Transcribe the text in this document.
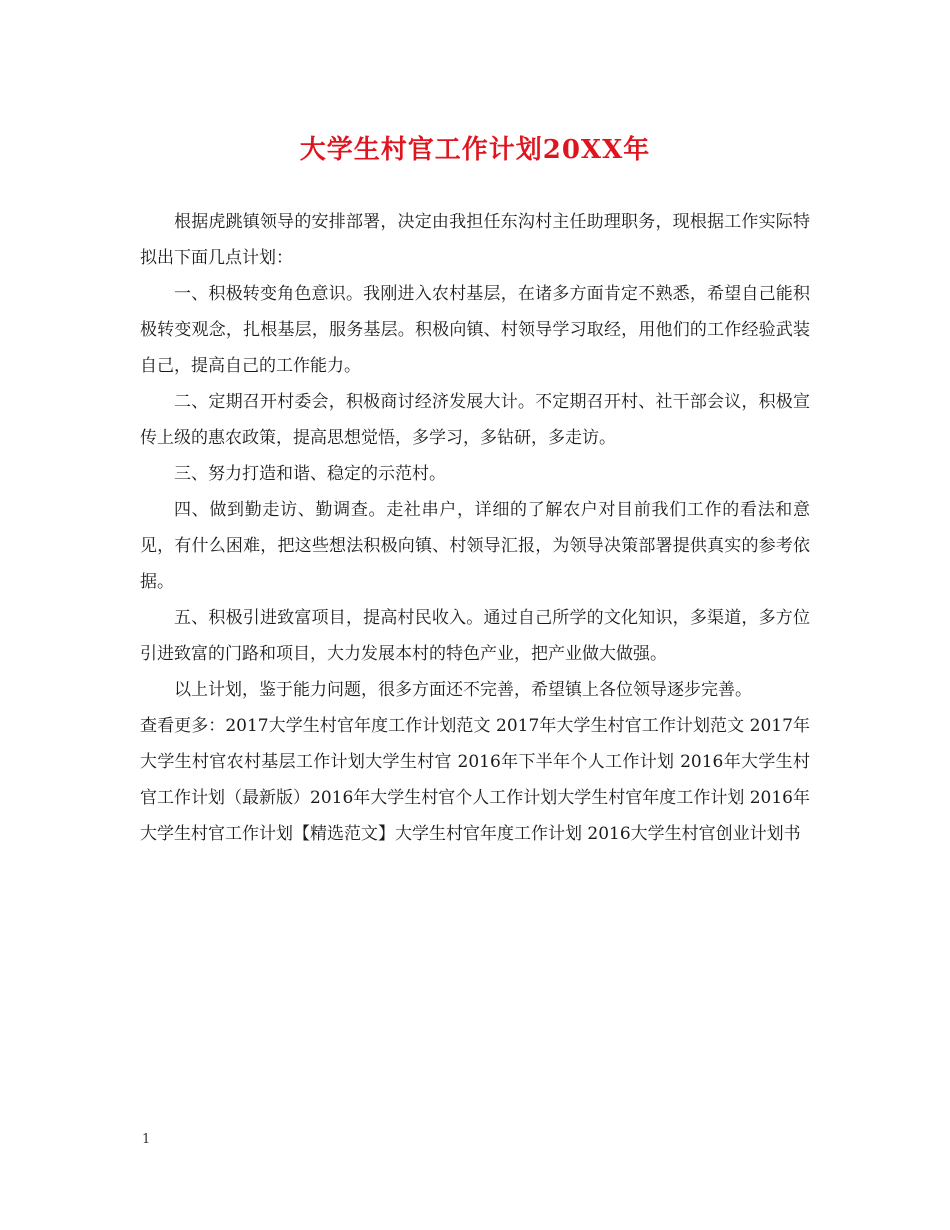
大学生村官工作计划20XX年

根据虎跳镇领导的安排部署，决定由我担任东沟村主任助理职务，现根据工作实际特拟出下面几点计划：

一、积极转变角色意识。我刚进入农村基层，在诸多方面肯定不熟悉，希望自己能积极转变观念，扎根基层，服务基层。积极向镇、村领导学习取经，用他们的工作经验武装自己，提高自己的工作能力。

二、定期召开村委会，积极商讨经济发展大计。不定期召开村、社干部会议，积极宣传上级的惠农政策，提高思想觉悟，多学习，多钻研，多走访。

三、努力打造和谐、稳定的示范村。

四、做到勤走访、勤调查。走社串户，详细的了解农户对目前我们工作的看法和意见，有什么困难，把这些想法积极向镇、村领导汇报，为领导决策部署提供真实的参考依据。

五、积极引进致富项目，提高村民收入。通过自己所学的文化知识，多渠道，多方位引进致富的门路和项目，大力发展本村的特色产业，把产业做大做强。

以上计划，鉴于能力问题，很多方面还不完善，希望镇上各位领导逐步完善。

查看更多：2017大学生村官年度工作计划范文 2017年大学生村官工作计划范文 2017年大学生村官农村基层工作计划大学生村官 2016年下半年个人工作计划 2016年大学生村官工作计划（最新版）2016年大学生村官个人工作计划大学生村官年度工作计划 2016年大学生村官工作计划【精选范文】大学生村官年度工作计划 2016大学生村官创业计划书

1
